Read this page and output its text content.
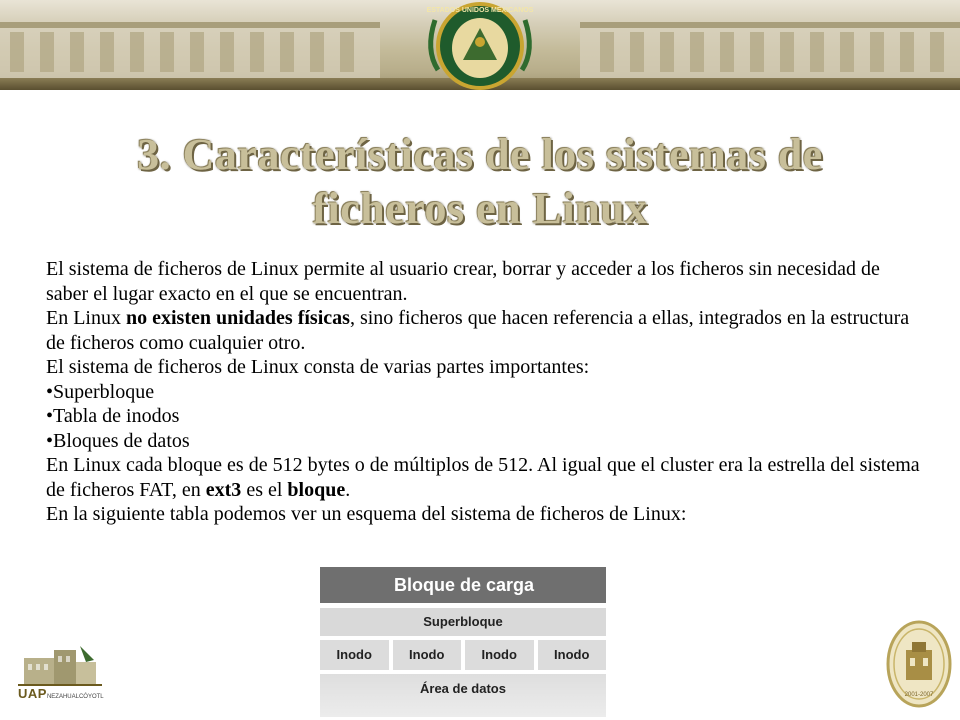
ESTADOS UNIDOS MEXICANOS
3. Características de los sistemas de ficheros en Linux

El sistema de ficheros de Linux permite al usuario crear, borrar y acceder a los ficheros sin necesidad de saber el lugar exacto en el que se encuentran.

En Linux no existen unidades físicas, sino ficheros que hacen referencia a ellas, integrados en la estructura de ficheros como cualquier otro.

El sistema de ficheros de Linux consta de varias partes importantes:

•Superbloque

•Tabla de inodos

•Bloques de datos

En Linux cada bloque es de 512 bytes o de múltiplos de 512. Al igual que el cluster era la estrella del sistema de ficheros FAT, en ext3 es el bloque.

En la siguiente tabla podemos ver un esquema del sistema de ficheros de Linux:

Bloque de carga
Superbloque
Inodo	Inodo	Inodo	Inodo
Área de datos
UAPNEZAHUALCÓYOTL	2001-2007
